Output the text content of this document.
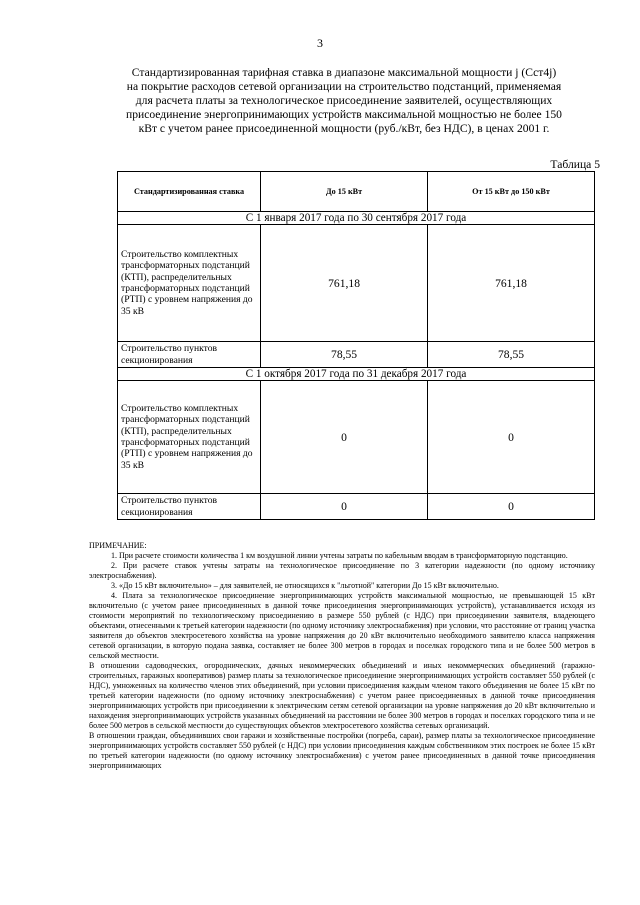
3
Стандартизированная тарифная ставка в диапазоне максимальной мощности j (Сст4j)
на покрытие расходов сетевой организации на строительство подстанций, применяемая
для расчета платы за технологическое присоединение заявителей, осуществляющих
присоединение энергопринимающих устройств максимальной мощностью не более 150
кВт с учетом ранее присоединенной мощности (руб./кВт, без НДС), в ценах 2001 г.
Таблица 5
Стандартизированная ставка	До 15 кВт	От 15 кВт до 150 кВт
С 1 января 2017 года по 30 сентября 2017 года		
Строительство комплектных трансформаторных подстанций (КТП), распределительных трансформаторных подстанций (РТП) с уровнем напряжения до 35 кВ	761,18	761,18
Строительство пунктов секционирования	78,55	78,55
С 1 октября 2017 года по 31 декабря 2017 года		
Строительство комплектных трансформаторных подстанций (КТП), распределительных трансформаторных подстанций (РТП) с уровнем напряжения до 35 кВ	0	0
Строительство пунктов секционирования	0	0

ПРИМЕЧАНИЕ:

1. При расчете стоимости количества 1 км воздушной линии учтены затраты по кабельным вводам в трансформаторную подстанцию.

2. При расчете ставок учтены затраты на технологическое присоединение по 3 категории надежности (по одному источнику электроснабжения).

3. «До 15 кВт включительно» – для заявителей, не относящихся к "льготной" категории До 15 кВт включительно.

4. Плата за технологическое присоединение энергопринимающих устройств максимальной мощностью, не превышающей 15 кВт включительно (с учетом ранее присоединенных в данной точке присоединения энергопринимающих устройств), устанавливается исходя из стоимости мероприятий по технологическому присоединению в размере 550 рублей (с НДС) при присоединении заявителя, владеющего объектами, отнесенными к третьей категории надежности (по одному источнику электроснабжения) при условии, что расстояние от границ участка заявителя до объектов электросетевого хозяйства на уровне напряжения до 20 кВт включительно необходимого заявителю класса напряжения сетевой организации, в которую подана заявка, составляет не более 300 метров в городах и поселках городского типа и не более 500 метров в сельской местности.

В отношении садоводческих, огороднических, дачных некоммерческих объединений и иных некоммерческих объединений (гаражно-строительных, гаражных кооперативов) размер платы за технологическое присоединение энергопринимающих устройств составляет 550 рублей (с НДС), умноженных на количество членов этих объединений, при условии присоединения каждым членом такого объединения не более 15 кВт по третьей категории надежности (по одному источнику электроснабжения) с учетом ранее присоединенных в данной точке присоединения энергопринимающих устройств при присоединении к электрическим сетям сетевой организации на уровне напряжения до 20 кВт включительно и нахождения энергопринимающих устройств указанных объединений на расстоянии не более 300 метров в городах и поселках городского типа и не более 500 метров в сельской местности до существующих объектов электросетевого хозяйства сетевых организаций.

В отношении граждан, объединивших свои гаражи и хозяйственные постройки (погреба, сараи), размер платы за технологическое присоединение энергопринимающих устройств составляет 550 рублей (с НДС) при условии присоединения каждым собственником этих построек не более 15 кВт по третьей категории надежности (по одному источнику электроснабжения) с учетом ранее присоединенных в данной точке присоединения энергопринимающих
